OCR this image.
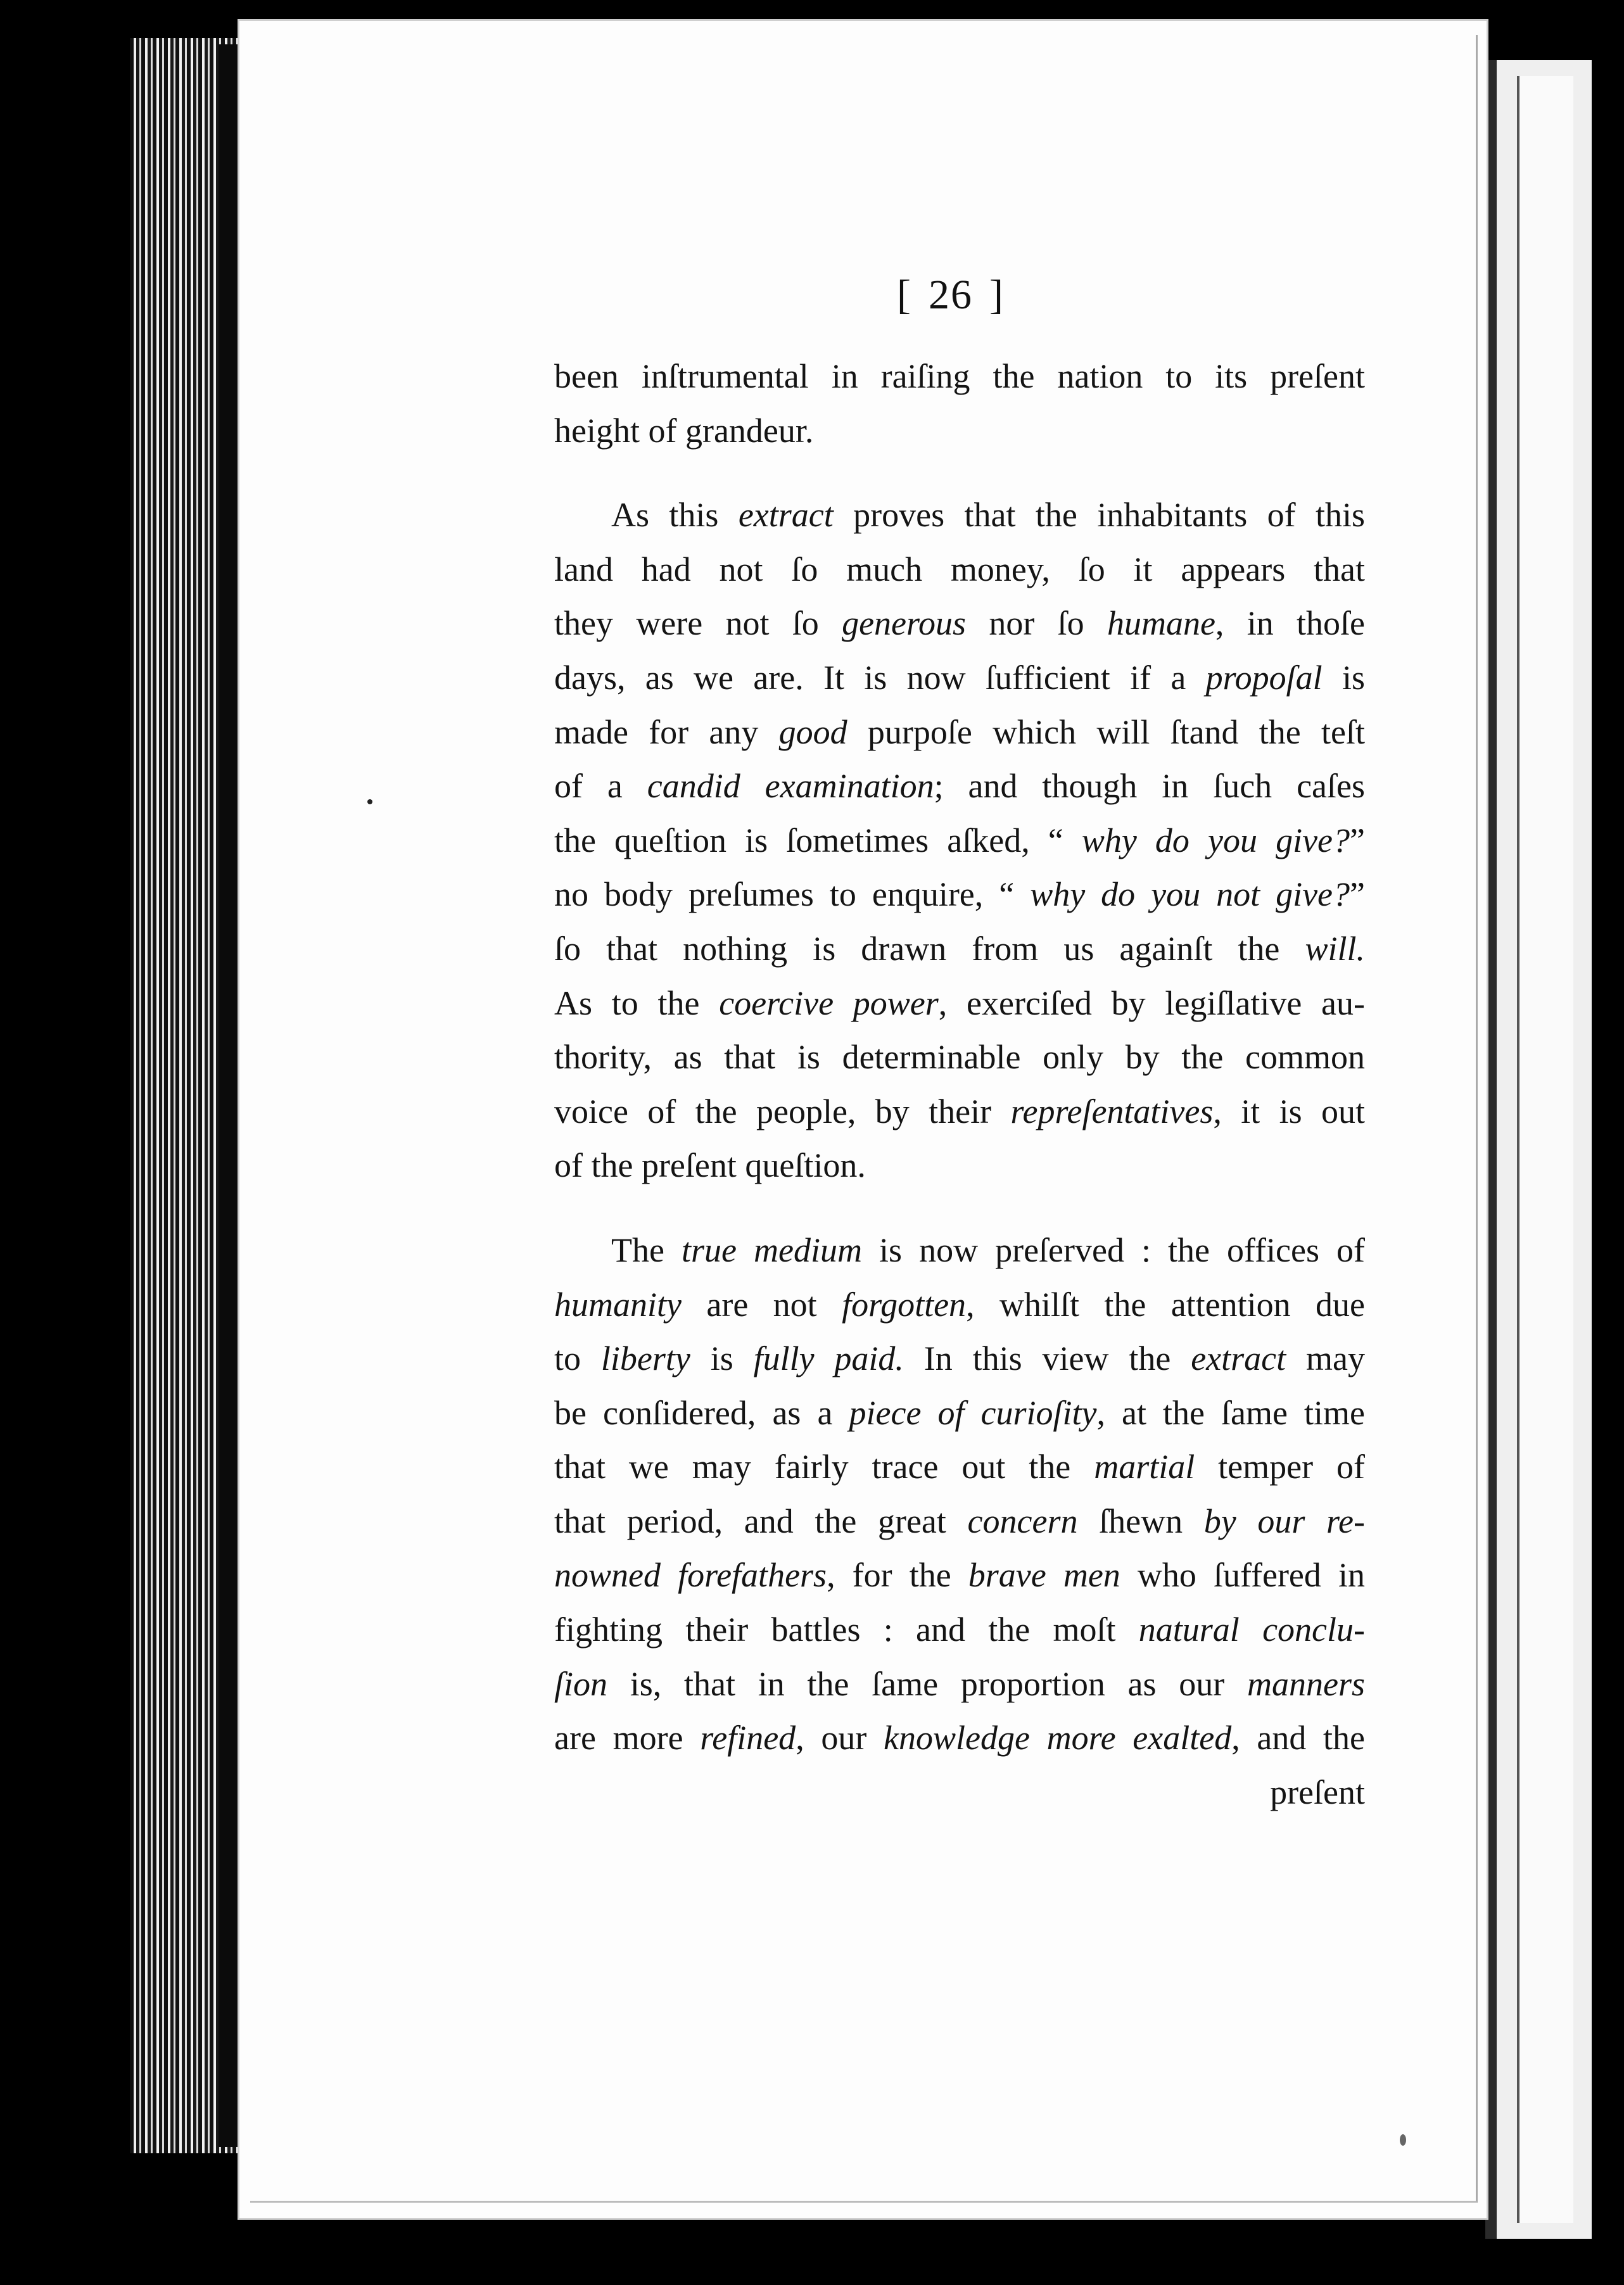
[ 26 ]
been inſtrumental in raiſing the nation to its preſent
height of grandeur.
As this extract proves that the inhabitants of this
land had not ſo much money, ſo it appears that
they were not ſo generous nor ſo humane, in thoſe
days, as we are. It is now ſufficient if a propoſal is
made for any good purpoſe which will ſtand the teſt
of a candid examination; and though in ſuch caſes
the queſtion is ſometimes aſked, “ why do you give?”
no body preſumes to enquire, “ why do you not give?”
ſo that nothing is drawn from us againſt the will.
As to the coercive power, exerciſed by legiſlative au-
thority, as that is determinable only by the common
voice of the people, by their repreſentatives, it is out
of the preſent queſtion.
The true medium is now preſerved : the offices of
humanity are not forgotten, whilſt the attention due
to liberty is fully paid. In this view the extract may
be conſidered, as a piece of curioſity, at the ſame time
that we may fairly trace out the martial temper of
that period, and the great concern ſhewn by our re-
nowned forefathers, for the brave men who ſuffered in
fighting their battles : and the moſt natural conclu-
ſion is, that in the ſame proportion as our manners
are more refined, our knowledge more exalted, and the
preſent
